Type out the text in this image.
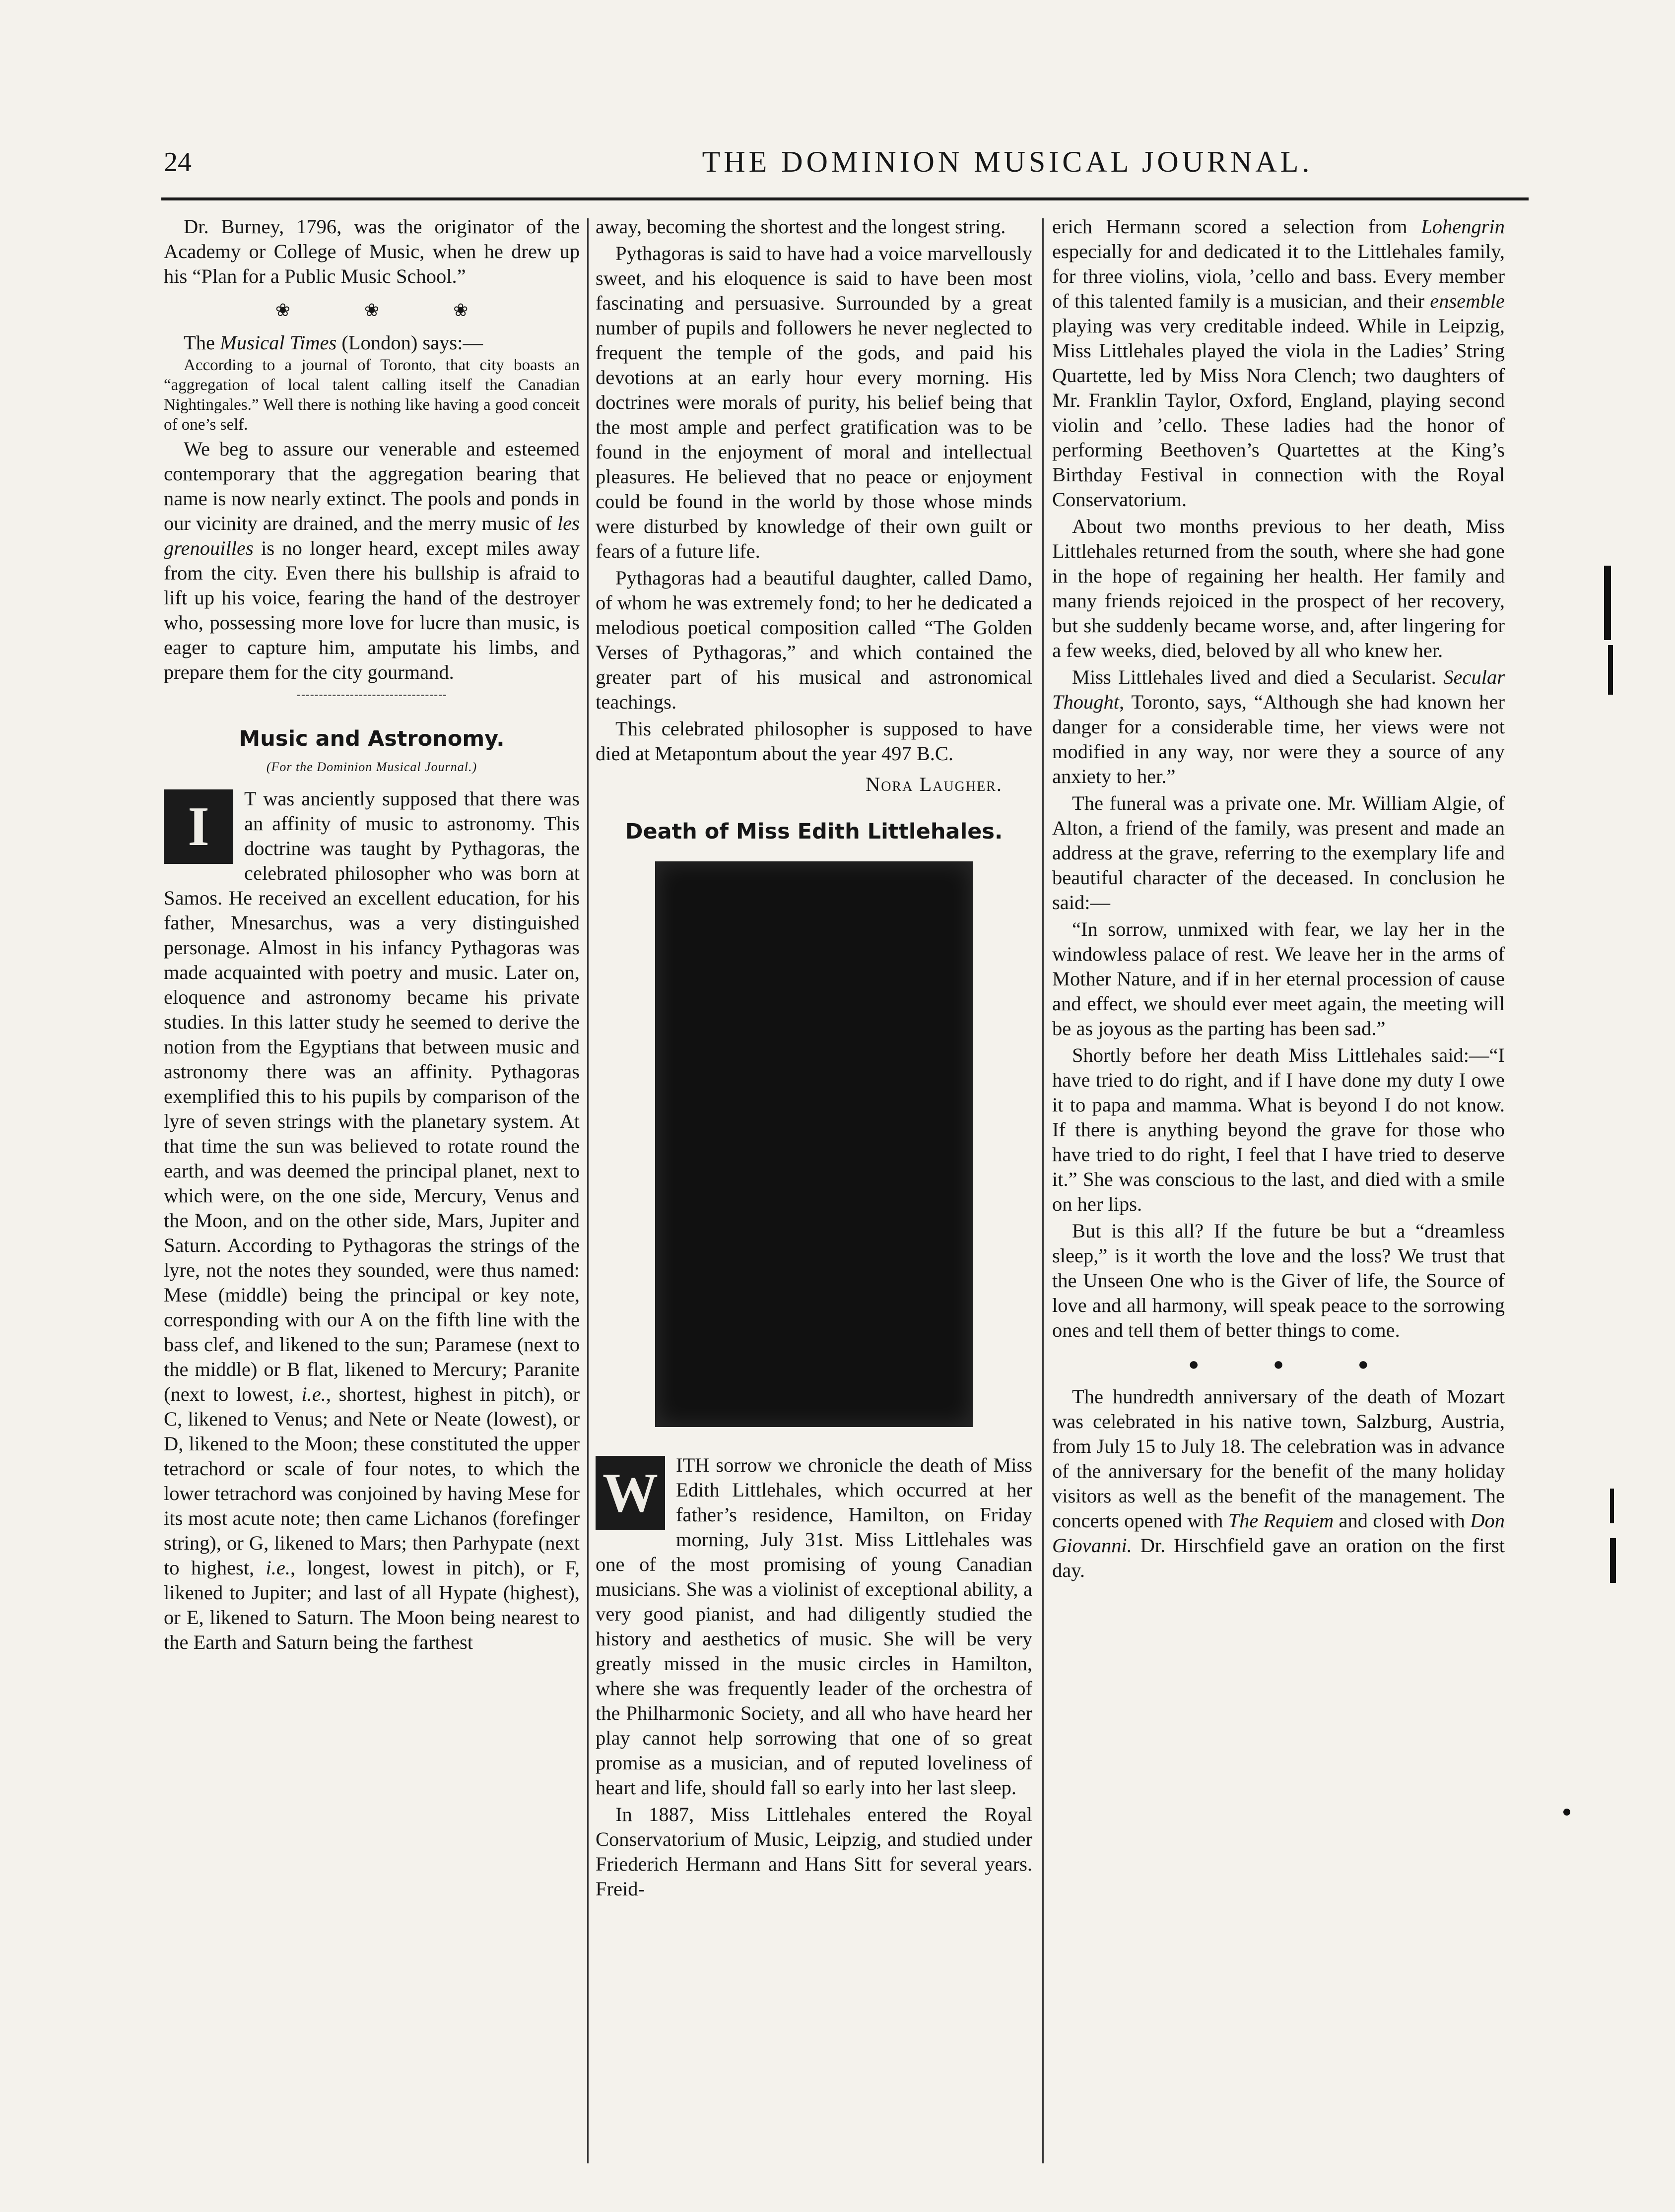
24	THE DOMINION MUSICAL JOURNAL.

Dr. Burney, 1796, was the originator of the Academy or College of Music, when he drew up his “Plan for a Public Music School.”

❀ ❀ ❀

The Musical Times (London) says:—

According to a journal of Toronto, that city boasts an “aggregation of local talent calling itself the Canadian Nightingales.” Well there is nothing like having a good conceit of one’s self.

We beg to assure our venerable and esteemed contemporary that the aggregation bearing that name is now nearly extinct. The pools and ponds in our vicinity are drained, and the merry music of les grenouilles is no longer heard, except miles away from the city. Even there his bullship is afraid to lift up his voice, fearing the hand of the destroyer who, possessing more love for lucre than music, is eager to capture him, amputate his limbs, and prepare them for the city gourmand.

Music and Astronomy.
(For the Dominion Musical Journal.)

I	T was anciently supposed that there was an affinity of music to astronomy. This doctrine was taught by Pythagoras, the celebrated philosopher who was born at Samos. He received an excellent education, for his father, Mnesarchus, was a very distinguished personage. Almost in his infancy Pythagoras was made acquainted with poetry and music. Later on, eloquence and astronomy became his private studies. In this latter study he seemed to derive the notion from the Egyptians that between music and astronomy there was an affinity. Pythagoras exemplified this to his pupils by comparison of the lyre of seven strings with the planetary system. At that time the sun was believed to rotate round the earth, and was deemed the principal planet, next to which were, on the one side, Mercury, Venus and the Moon, and on the other side, Mars, Jupiter and Saturn. According to Pythagoras the strings of the lyre, not the notes they sounded, were thus named: Mese (middle) being the principal or key note, corresponding with our A on the fifth line with the bass clef, and likened to the sun; Paramese (next to the middle) or B flat, likened to Mercury; Paranite (next to lowest, i.e., shortest, highest in pitch), or C, likened to Venus; and Nete or Neate (lowest), or D, likened to the Moon; these constituted the upper tetrachord or scale of four notes, to which the lower tetrachord was conjoined by having Mese for its most acute note; then came Lichanos (forefinger string), or G, likened to Mars; then Parhypate (next to highest, i.e., longest, lowest in pitch), or F, likened to Jupiter; and last of all Hypate (highest), or E, likened to Saturn. The Moon being nearest to the Earth and Saturn being the farthest

away, becoming the shortest and the longest string.

Pythagoras is said to have had a voice marvellously sweet, and his eloquence is said to have been most fascinating and persuasive. Surrounded by a great number of pupils and followers he never neglected to frequent the temple of the gods, and paid his devotions at an early hour every morning. His doctrines were morals of purity, his belief being that the most ample and perfect gratification was to be found in the enjoyment of moral and intellectual pleasures. He believed that no peace or enjoyment could be found in the world by those whose minds were disturbed by knowledge of their own guilt or fears of a future life.

Pythagoras had a beautiful daughter, called Damo, of whom he was extremely fond; to her he dedicated a melodious poetical composition called “The Golden Verses of Pythagoras,” and which contained the greater part of his musical and astronomical teachings.

This celebrated philosopher is supposed to have died at Metapontum about the year 497 B.C.

Nora Laugher.
Death of Miss Edith Littlehales.

W ITH sorrow we chronicle the death of Miss Edith Littlehales, which occurred at her father’s residence, Hamilton, on Friday morning, July 31st. Miss Littlehales was one of the most promising of young Canadian musicians. She was a violinist of exceptional ability, a very good pianist, and had diligently studied the history and aesthetics of music. She will be very greatly missed in the music circles in Hamilton, where she was frequently leader of the orchestra of the Philharmonic Society, and all who have heard her play cannot help sorrowing that one of so great promise as a musician, and of reputed loveliness of heart and life, should fall so early into her last sleep.

In 1887, Miss Littlehales entered the Royal Conservatorium of Music, Leipzig, and studied under Friederich Hermann and Hans Sitt for several years. Freid-

erich Hermann scored a selection from Lohengrin especially for and dedicated it to the Littlehales family, for three violins, viola, ’cello and bass. Every member of this talented family is a musician, and their ensemble playing was very creditable indeed. While in Leipzig, Miss Littlehales played the viola in the Ladies’ String Quartette, led by Miss Nora Clench; two daughters of Mr. Franklin Taylor, Oxford, England, playing second violin and ’cello. These ladies had the honor of performing Beethoven’s Quartettes at the King’s Birthday Festival in connection with the Royal Conservatorium.

About two months previous to her death, Miss Littlehales returned from the south, where she had gone in the hope of regaining her health. Her family and many friends rejoiced in the prospect of her recovery, but she suddenly became worse, and, after lingering for a few weeks, died, beloved by all who knew her.

Miss Littlehales lived and died a Secularist. Secular Thought, Toronto, says, “Although she had known her danger for a considerable time, her views were not modified in any way, nor were they a source of any anxiety to her.”

The funeral was a private one. Mr. William Algie, of Alton, a friend of the family, was present and made an address at the grave, referring to the exemplary life and beautiful character of the deceased. In conclusion he said:—

“In sorrow, unmixed with fear, we lay her in the windowless palace of rest. We leave her in the arms of Mother Nature, and if in her eternal procession of cause and effect, we should ever meet again, the meeting will be as joyous as the parting has been sad.”

Shortly before her death Miss Littlehales said:—“I have tried to do right, and if I have done my duty I owe it to papa and mamma. What is beyond I do not know. If there is anything beyond the grave for those who have tried to do right, I feel that I have tried to deserve it.” She was conscious to the last, and died with a smile on her lips.

But is this all? If the future be but a “dreamless sleep,” is it worth the love and the loss? We trust that the Unseen One who is the Giver of life, the Source of love and all harmony, will speak peace to the sorrowing ones and tell them of better things to come.

● ● ●

The hundredth anniversary of the death of Mozart was celebrated in his native town, Salzburg, Austria, from July 15 to July 18. The celebration was in advance of the anniversary for the benefit of the many holiday visitors as well as the benefit of the management. The concerts opened with The Requiem and closed with Don Giovanni. Dr. Hirschfield gave an oration on the first day.
